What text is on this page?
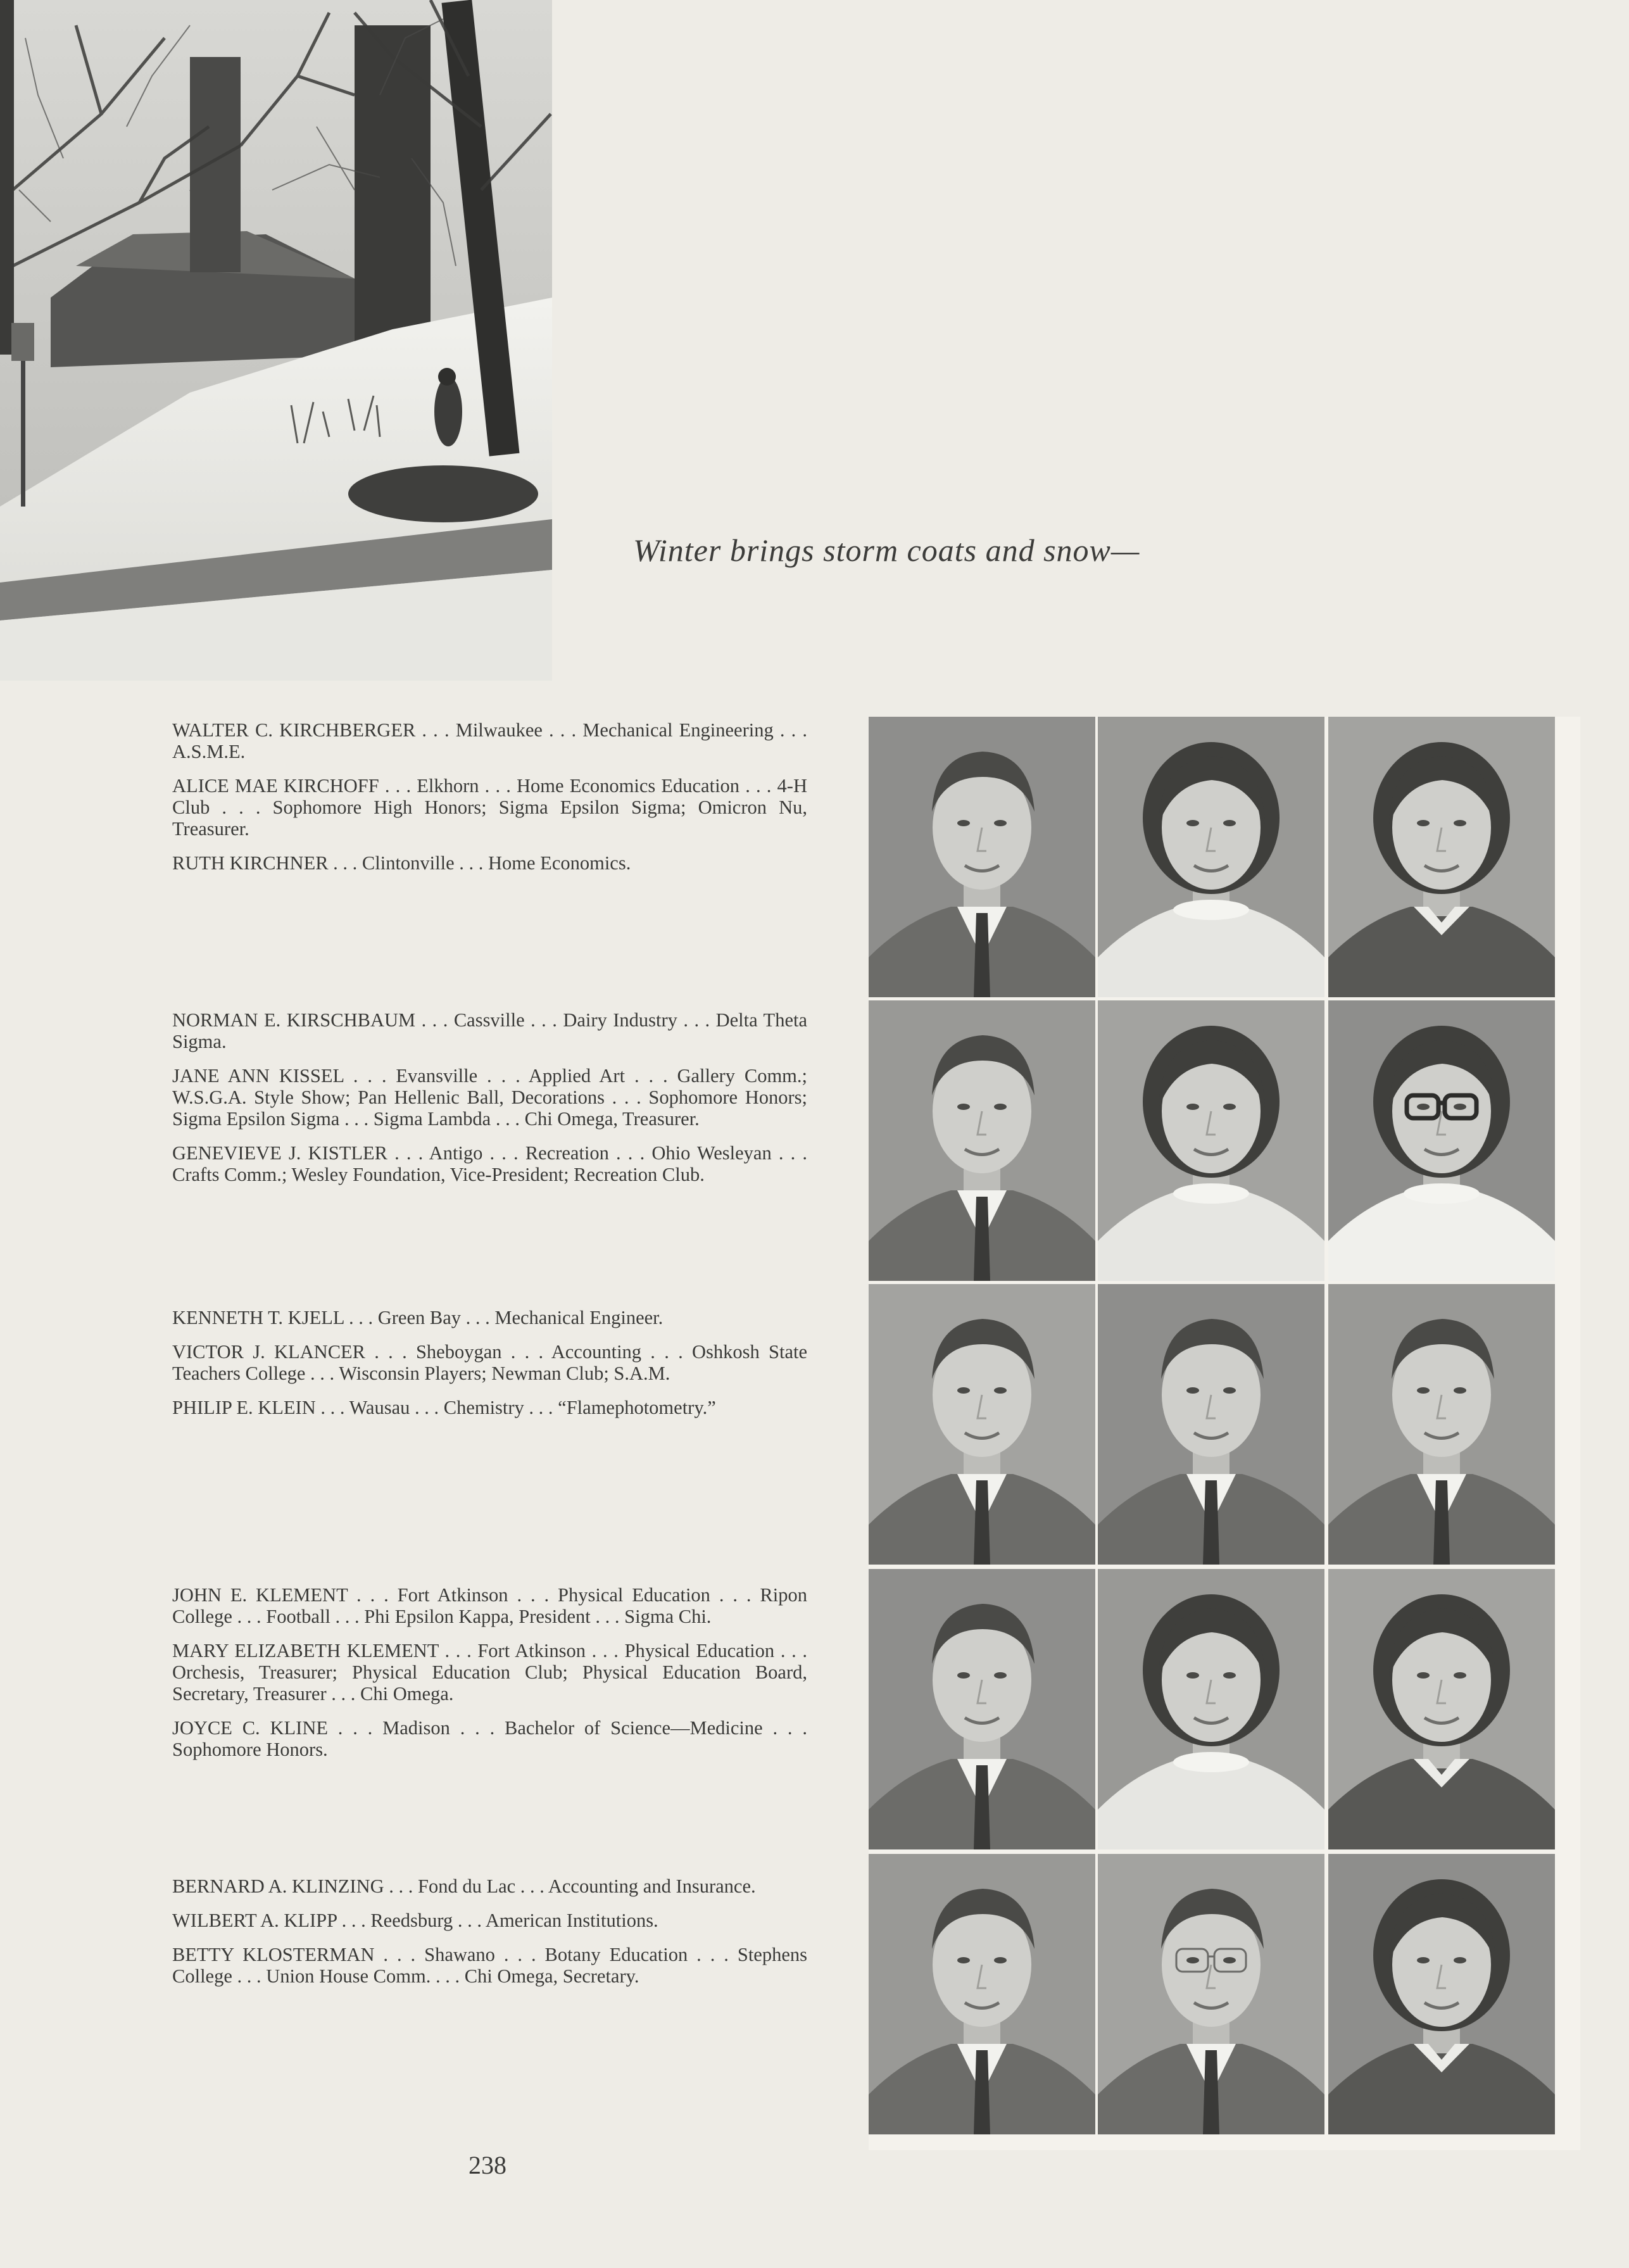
Winter brings storm coats and snow—

WALTER C. KIRCHBERGER . . . Milwaukee . . . Mechanical Engineering . . . A.S.M.E.

ALICE MAE KIRCHOFF . . . Elkhorn . . . Home Economics Education . . . 4-H Club . . . Sophomore High Honors; Sigma Epsilon Sigma; Omicron Nu, Treasurer.

RUTH KIRCHNER . . . Clintonville . . . Home Economics.

NORMAN E. KIRSCHBAUM . . . Cassville . . . Dairy Industry . . . Delta Theta Sigma.

JANE ANN KISSEL . . . Evansville . . . Applied Art . . . Gallery Comm.; W.S.G.A. Style Show; Pan Hellenic Ball, Decorations . . . Sophomore Honors; Sigma Epsilon Sigma . . . Sigma Lambda . . . Chi Omega, Treasurer.

GENEVIEVE J. KISTLER . . . Antigo . . . Recreation . . . Ohio Wesleyan . . . Crafts Comm.; Wesley Foundation, Vice-President; Recreation Club.

KENNETH T. KJELL . . . Green Bay . . . Mechanical Engineer.

VICTOR J. KLANCER . . . Sheboygan . . . Accounting . . . Oshkosh State Teachers College . . . Wisconsin Players; Newman Club; S.A.M.

PHILIP E. KLEIN . . . Wausau . . . Chemistry . . . “Flamephotometry.”

JOHN E. KLEMENT . . . Fort Atkinson . . . Physical Education . . . Ripon College . . . Football . . . Phi Epsilon Kappa, President . . . Sigma Chi.

MARY ELIZABETH KLEMENT . . . Fort Atkinson . . . Physical Education . . . Orchesis, Treasurer; Physical Education Club; Physical Education Board, Secretary, Treasurer . . . Chi Omega.

JOYCE C. KLINE . . . Madison . . . Bachelor of Science—Medicine . . . Sophomore Honors.

BERNARD A. KLINZING . . . Fond du Lac . . . Accounting and Insurance.

WILBERT A. KLIPP . . . Reedsburg . . . American Institutions.

BETTY KLOSTERMAN . . . Shawano . . . Botany Education . . . Stephens College . . . Union House Comm. . . . Chi Omega, Secretary.

238
